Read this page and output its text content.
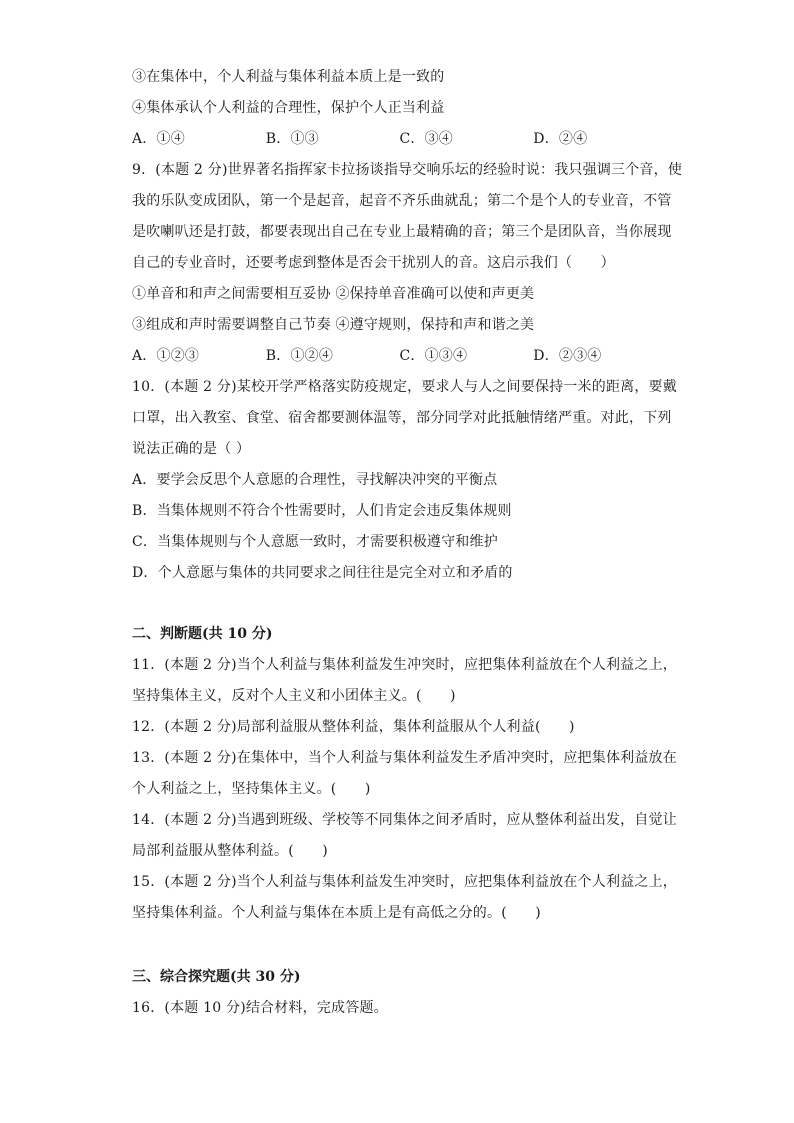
③在集体中，个人利益与集体利益本质上是一致的
④集体承认个人利益的合理性，保护个人正当利益
A．①④	B．①③	C．③④	D．②④
9．(本题 2 分)世界著名指挥家卡拉扬谈指导交响乐坛的经验时说：我只强调三个音，使
我的乐队变成团队，第一个是起音，起音不齐乐曲就乱；第二个是个人的专业音，不管
是吹喇叭还是打鼓，都要表现出自己在专业上最精确的音；第三个是团队音，当你展现
自己的专业音时，还要考虑到整体是否会干扰别人的音。这启示我们（　　）
①单音和和声之间需要相互妥协 ②保持单音准确可以使和声更美
③组成和声时需要调整自己节奏 ④遵守规则，保持和声和谐之美
A．①②③	B．①②④	C．①③④	D．②③④
10．(本题 2 分)某校开学严格落实防疫规定，要求人与人之间要保持一米的距离，要戴
口罩，出入教室、食堂、宿舍都要测体温等，部分同学对此抵触情绪严重。对此，下列
说法正确的是（ ）
A．要学会反思个人意愿的合理性，寻找解决冲突的平衡点
B．当集体规则不符合个性需要时，人们肯定会违反集体规则
C．当集体规则与个人意愿一致时，才需要积极遵守和维护
D．个人意愿与集体的共同要求之间往往是完全对立和矛盾的
二、判断题(共 10 分)
11．(本题 2 分)当个人利益与集体利益发生冲突时，应把集体利益放在个人利益之上，
坚持集体主义，反对个人主义和小团体主义。(　　)
12．(本题 2 分)局部利益服从整体利益，集体利益服从个人利益(　　)
13．(本题 2 分)在集体中，当个人利益与集体利益发生矛盾冲突时，应把集体利益放在
个人利益之上，坚持集体主义。(　　)
14．(本题 2 分)当遇到班级、学校等不同集体之间矛盾时，应从整体利益出发，自觉让
局部利益服从整体利益。(　　)
15．(本题 2 分)当个人利益与集体利益发生冲突时，应把集体利益放在个人利益之上，
坚持集体利益。个人利益与集体在本质上是有高低之分的。(　　)
三、综合探究题(共 30 分)
16．(本题 10 分)结合材料，完成答题。
